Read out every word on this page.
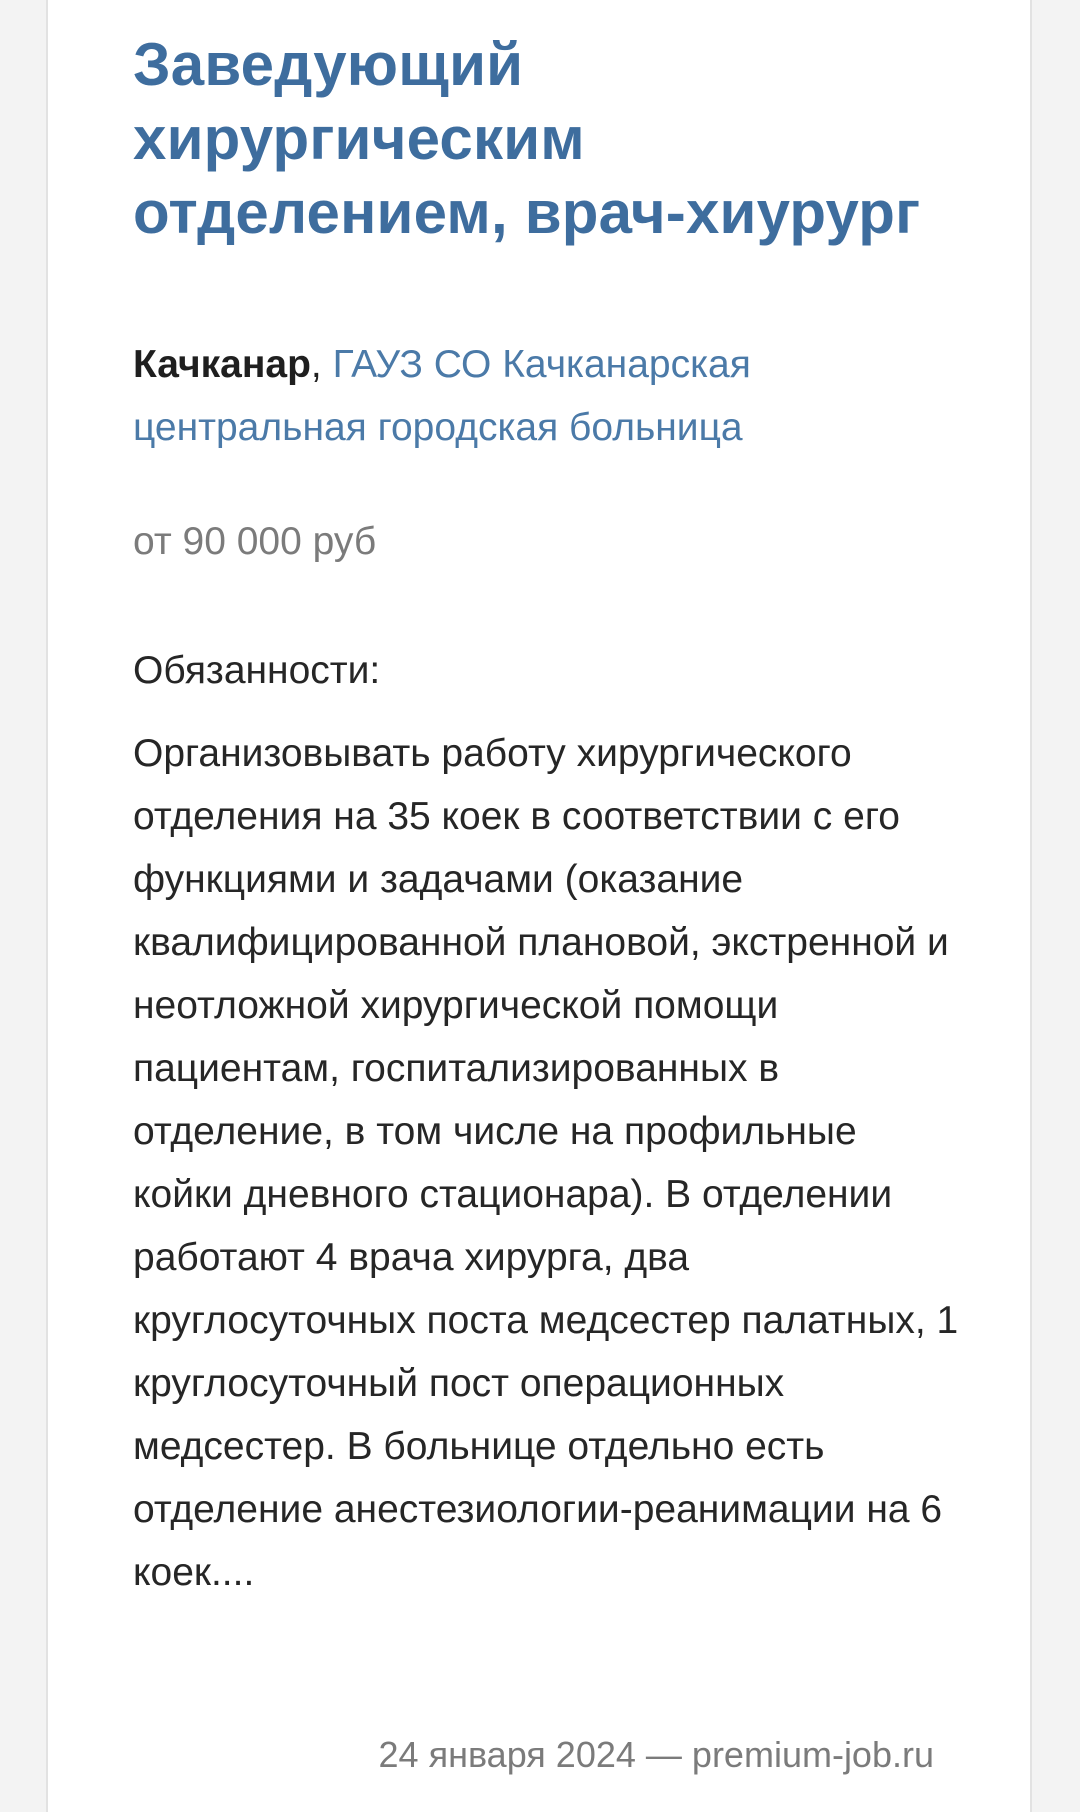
Заведующий хирургическим отделением, врач-хиурург
Качканар, ГАУЗ СО Качканарская центральная городская больница
от 90 000 руб
Обязанности:

Организовывать работу хирургического отделения на 35 коек в соответствии с его функциями и задачами (оказание квалифицированной плановой, экстренной и неотложной хирургической помощи пациентам, госпитализированных в отделение, в том числе на профильные койки дневного стационара). В отделении работают 4 врача хирурга, два круглосуточных поста медсестер палатных, 1 круглосуточный пост операционных медсестер. В больнице отдельно есть отделение анестезиологии-реанимации на 6 коек....

24 января 2024 — premium-job.ru
